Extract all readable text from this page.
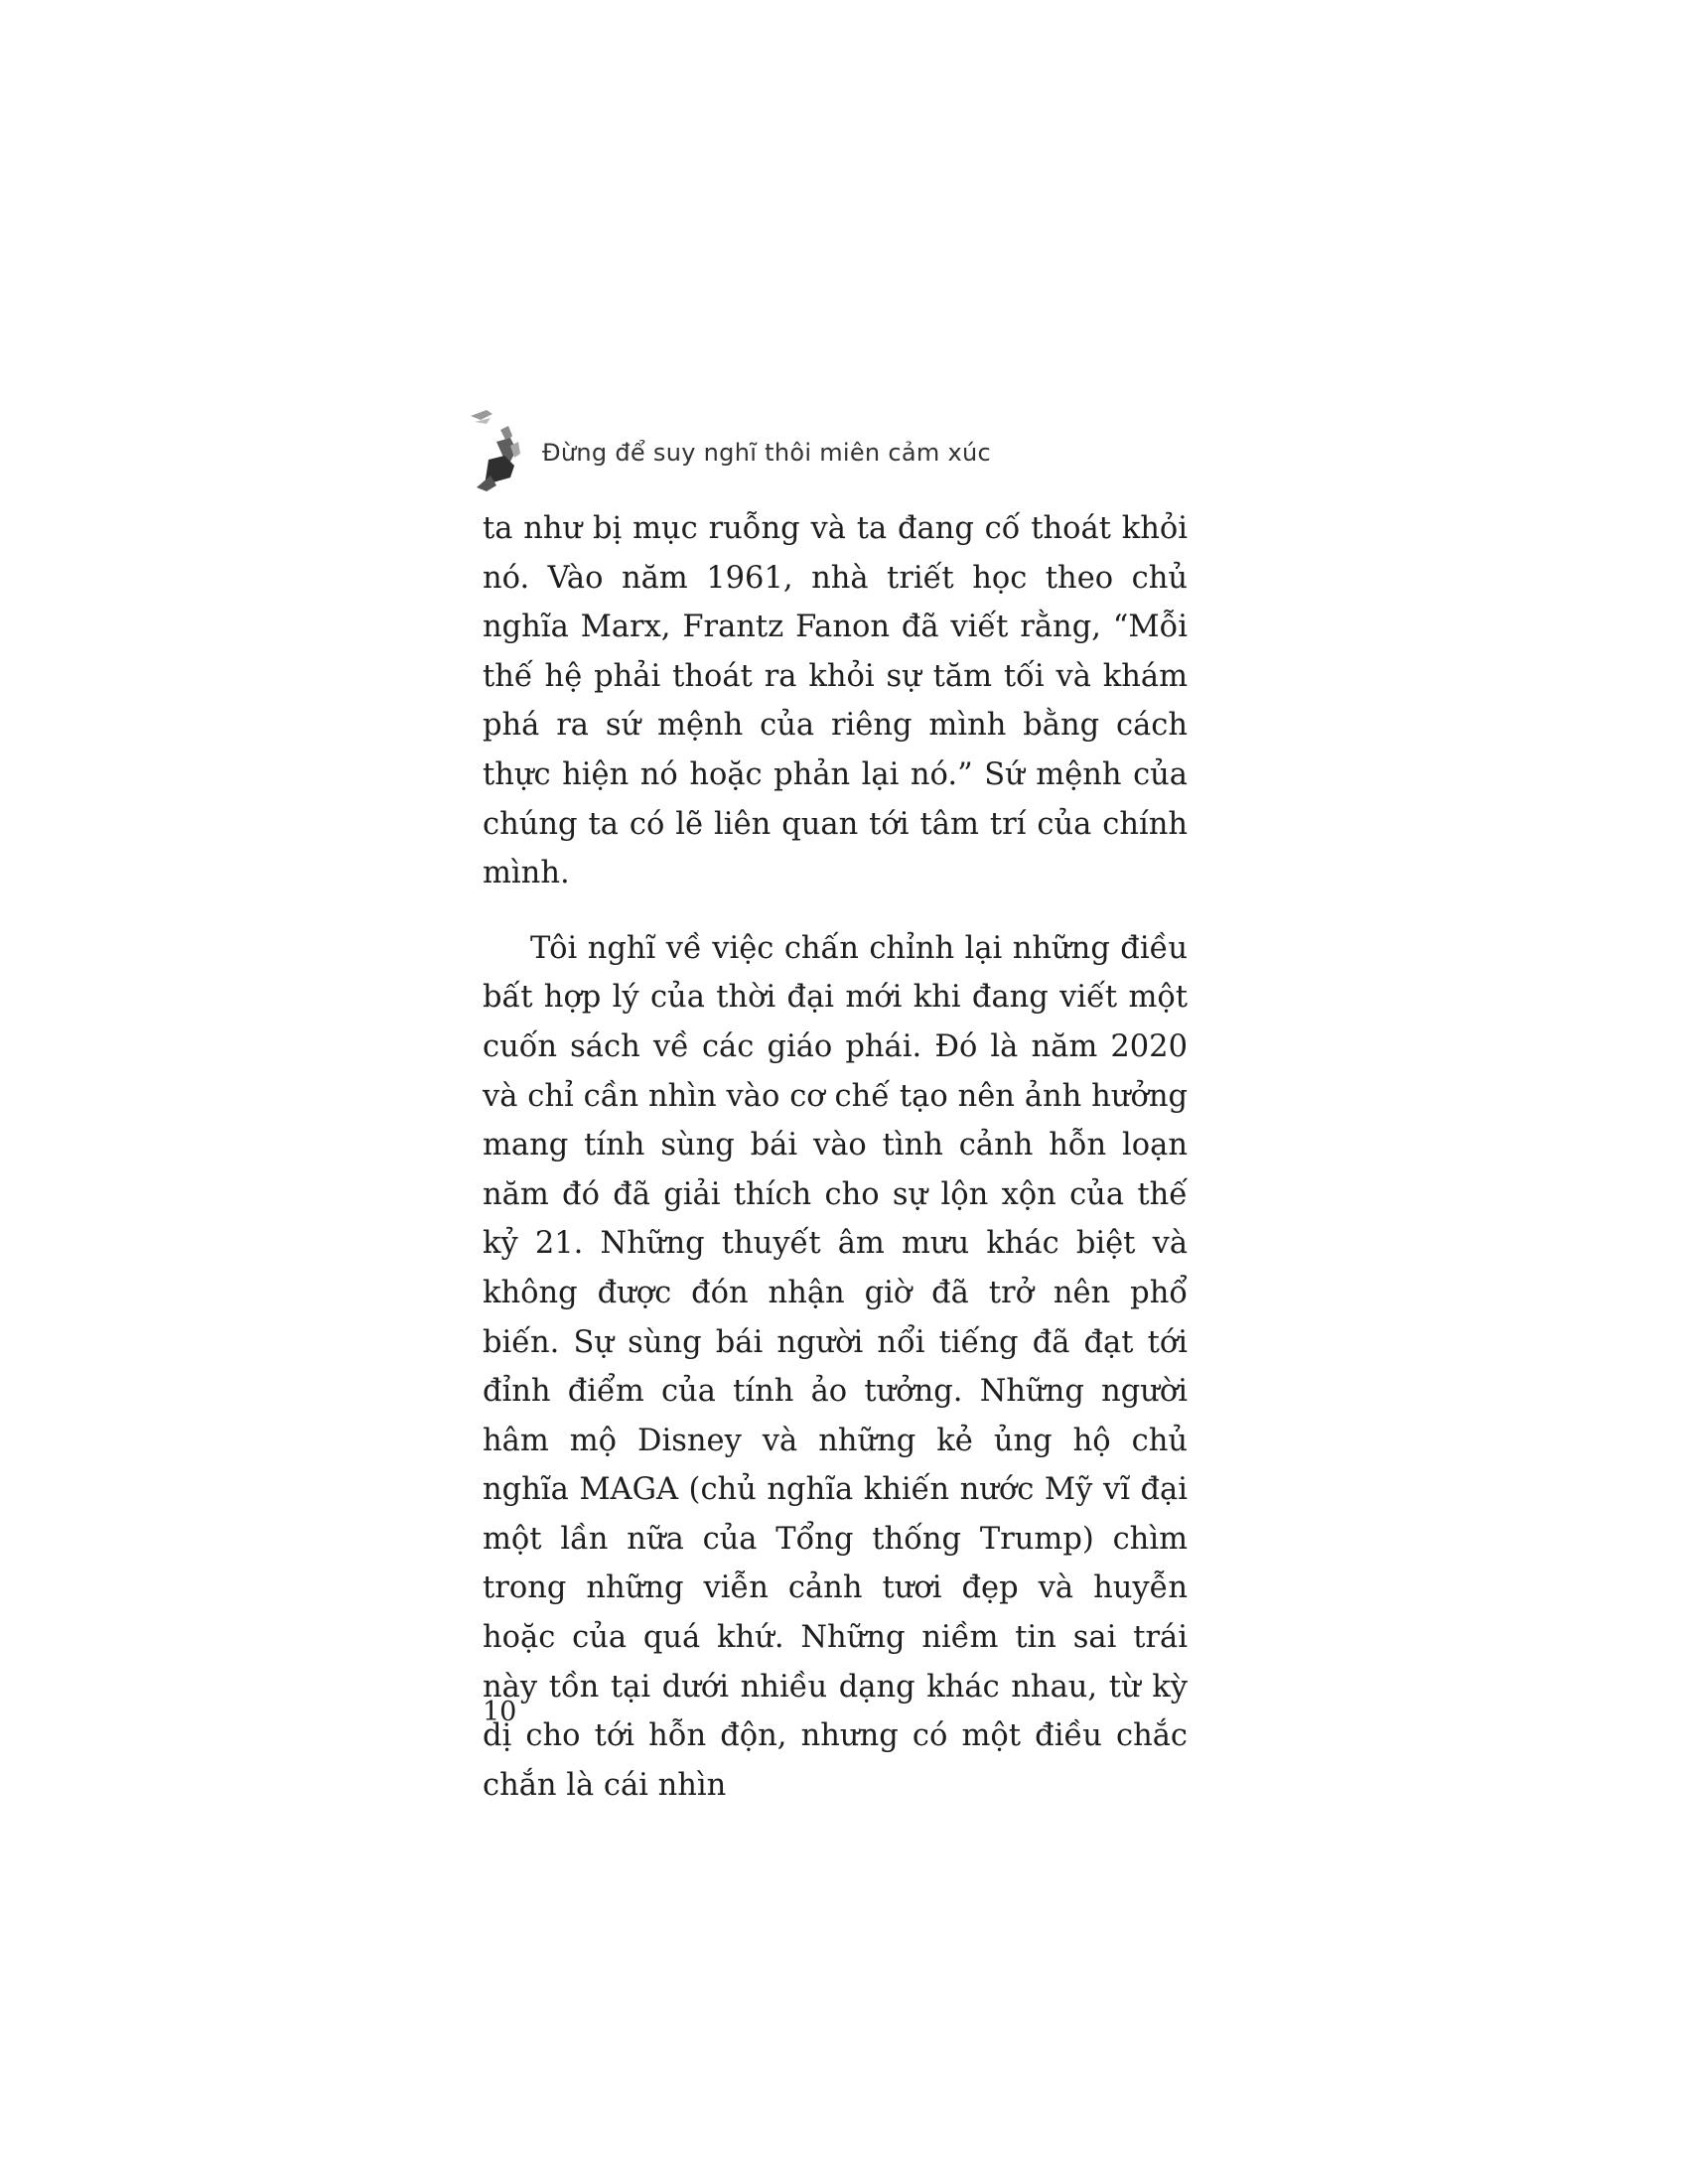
Đừng để suy nghĩ thôi miên cảm xúc

ta như bị mục ruỗng và ta đang cố thoát khỏi nó. Vào năm 1961, nhà triết học theo chủ nghĩa Marx, Frantz Fanon đã viết rằng, “Mỗi thế hệ phải thoát ra khỏi sự tăm tối và khám phá ra sứ mệnh của riêng mình bằng cách thực hiện nó hoặc phản lại nó.” Sứ mệnh của chúng ta có lẽ liên quan tới tâm trí của chính mình.

Tôi nghĩ về việc chấn chỉnh lại những điều bất hợp lý của thời đại mới khi đang viết một cuốn sách về các giáo phái. Đó là năm 2020 và chỉ cần nhìn vào cơ chế tạo nên ảnh hưởng mang tính sùng bái vào tình cảnh hỗn loạn năm đó đã giải thích cho sự lộn xộn của thế kỷ 21. Những thuyết âm mưu khác biệt và không được đón nhận giờ đã trở nên phổ biến. Sự sùng bái người nổi tiếng đã đạt tới đỉnh điểm của tính ảo tưởng. Những người hâm mộ Disney và những kẻ ủng hộ chủ nghĩa MAGA (chủ nghĩa khiến nước Mỹ vĩ đại một lần nữa của Tổng thống Trump) chìm trong những viễn cảnh tươi đẹp và huyễn hoặc của quá khứ. Những niềm tin sai trái này tồn tại dưới nhiều dạng khác nhau, từ kỳ dị cho tới hỗn độn, nhưng có một điều chắc chắn là cái nhìn

10
